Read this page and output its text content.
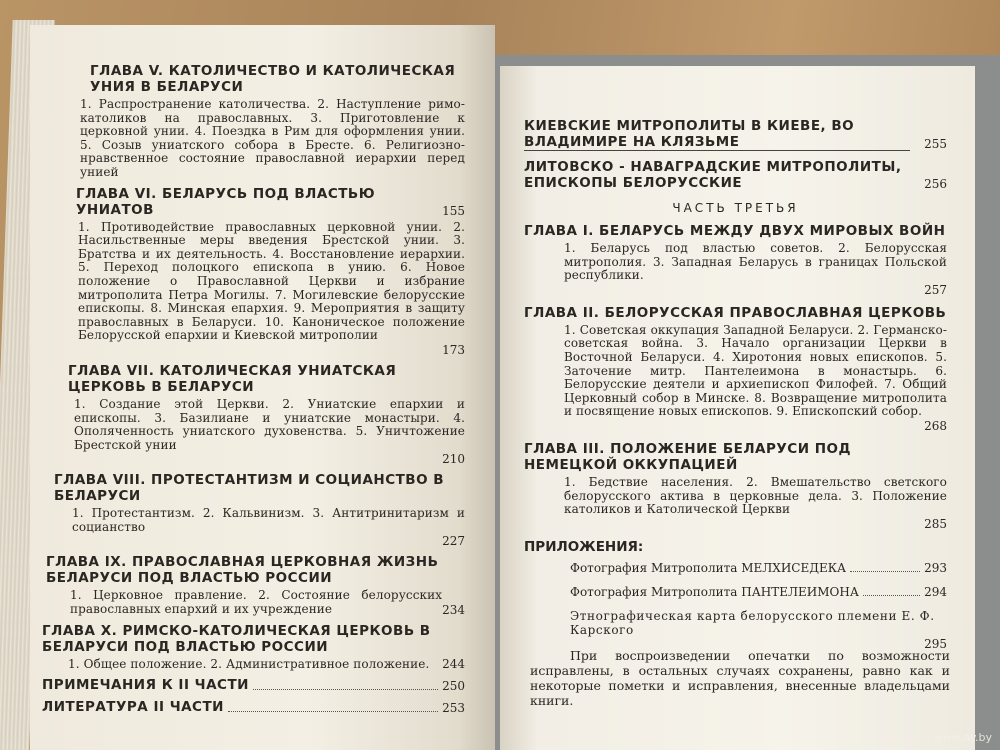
ГЛАВА V. КАТОЛИЧЕСТВО И КАТОЛИЧЕСКАЯ УНИЯ В БЕЛАРУСИ
1. Распространение католичества. 2. Наступление римо-католиков на православных. 3. Приготовление к церковной унии. 4. Поездка в Рим для оформления унии. 5. Созыв униатского собора в Бресте. 6. Религиозно-нравственное состояние православной иерархии перед унией
ГЛАВА VI. БЕЛАРУСЬ ПОД ВЛАСТЬЮ УНИАТОВ	155
1. Противодействие православных церковной унии. 2. Насильственные меры введения Брестской унии. 3. Братства и их деятельность. 4. Восстановление иерархии. 5. Переход полоцкого епископа в унию. 6. Новое положение о Православной Церкви и избрание митрополита Петра Могилы. 7. Могилевские белорусские епископы. 8. Минская епархия. 9. Мероприятия в защиту православных в Беларуси. 10. Каноническое положение Белорусской епархии и Киевской митрополии
173
ГЛАВА VII. КАТОЛИЧЕСКАЯ УНИАТСКАЯ ЦЕРКОВЬ В БЕЛАРУСИ
1. Создание этой Церкви. 2. Униатские епархии и епископы. 3. Базилиане и униатские монастыри. 4. Ополяченность униатского духовенства. 5. Уничтожение Брестской унии
210
ГЛАВА VIII. ПРОТЕСТАНТИЗМ И СОЦИАНСТВО В БЕЛАРУСИ
1. Протестантизм. 2. Кальвинизм. 3. Антитринитаризм и социанство
227
ГЛАВА IX. ПРАВОСЛАВНАЯ ЦЕРКОВНАЯ ЖИЗНЬ БЕЛАРУСИ ПОД ВЛАСТЬЮ РОССИИ
1. Церковное правление. 2. Состояние белорусских православных епархий и их учреждение	234
ГЛАВА X. РИМСКО-КАТОЛИЧЕСКАЯ ЦЕРКОВЬ В БЕЛАРУСИ ПОД ВЛАСТЬЮ РОССИИ
1. Общее положение. 2. Административное положение.	244
ПРИМЕЧАНИЯ К II ЧАСТИ	250
ЛИТЕРАТУРА II ЧАСТИ	253
КИЕВСКИЕ МИТРОПОЛИТЫ В КИЕВЕ, ВО ВЛАДИМИРЕ НА КЛЯЗЬМЕ	255
ЛИТОВСКО - НАВАГРАДСКИЕ МИТРОПОЛИТЫ, ЕПИСКОПЫ БЕЛОРУССКИЕ	256
ЧАСТЬ ТРЕТЬЯ
ГЛАВА I. БЕЛАРУСЬ МЕЖДУ ДВУХ МИРОВЫХ ВОЙН
1. Беларусь под властью советов. 2. Белорусская митрополия. 3. Западная Беларусь в границах Польской республики.
257
ГЛАВА II. БЕЛОРУССКАЯ ПРАВОСЛАВНАЯ ЦЕРКОВЬ
1. Советская оккупация Западной Беларуси. 2. Германско-советская война. 3. Начало организации Церкви в Восточной Беларуси. 4. Хиротония новых епископов. 5. Заточение митр. Пантелеимона в монастырь. 6. Белорусские деятели и архиепископ Филофей. 7. Общий Церковный собор в Минске. 8. Возвращение митрополита и посвящение новых епископов. 9. Епископский собор.
268
ГЛАВА III. ПОЛОЖЕНИЕ БЕЛАРУСИ ПОД НЕМЕЦКОЙ ОККУПАЦИЕЙ
1. Бедствие населения. 2. Вмешательство светского белорусского актива в церковные дела. 3. Положение католиков и Католической Церкви
285
ПРИЛОЖЕНИЯ:
Фотография Митрополита МЕЛХИСЕДЕКА	293
Фотография Митрополита ПАНТЕЛЕИМОНА	294
Этнографическая карта белорусского племени Е. Ф. Карского
295
При воспроизведении опечатки по возможности исправлены, в остальных случаях сохранены, равно как и некоторые пометки и исправления, внесенные владельцами книги.
www.ay.by
